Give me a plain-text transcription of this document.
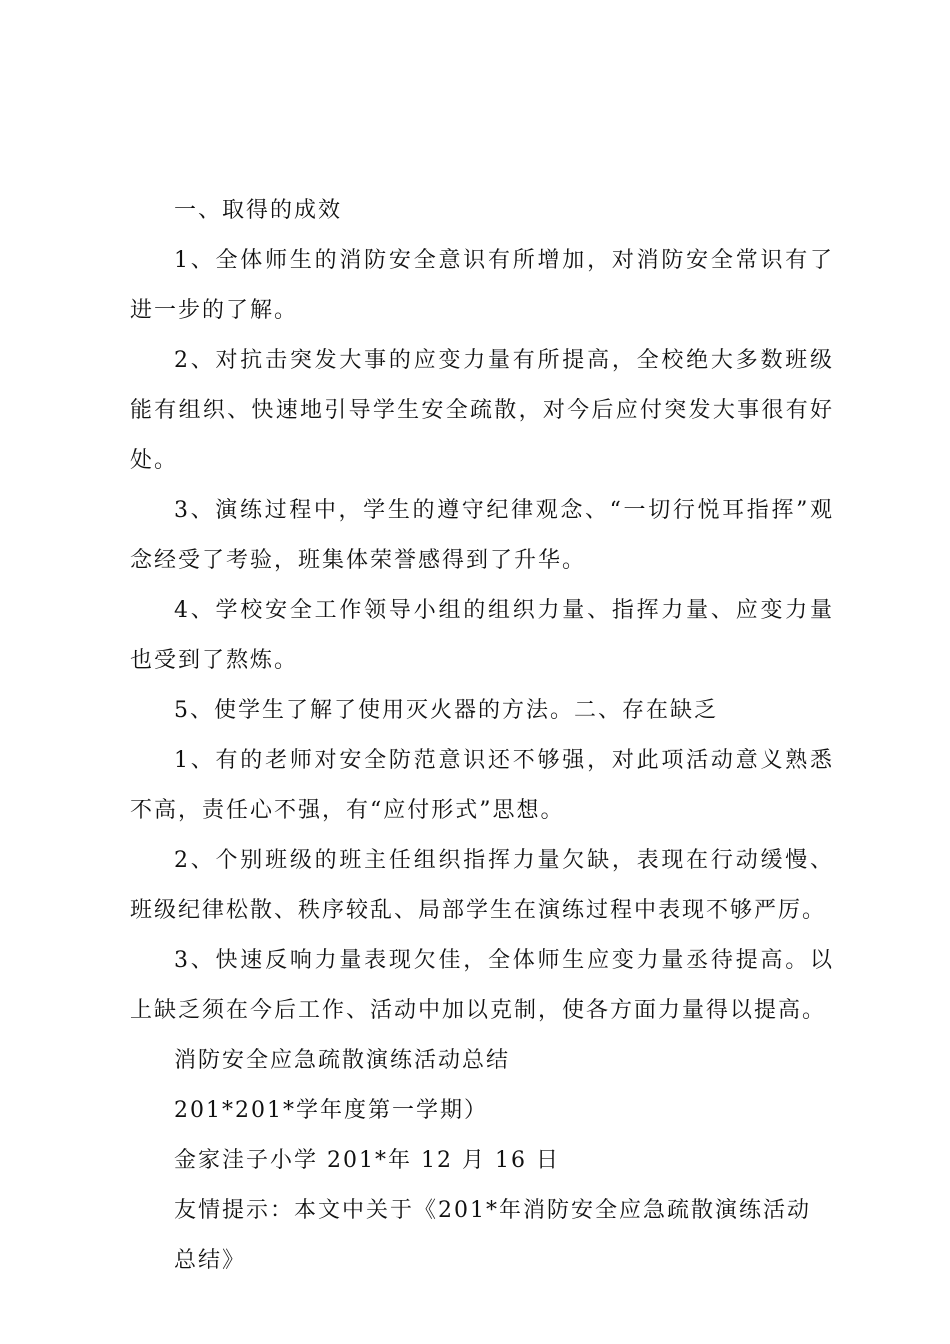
一、取得的成效

1、全体师生的消防安全意识有所增加，对消防安全常识有了进一步的了解。

2、对抗击突发大事的应变力量有所提高，全校绝大多数班级能有组织、快速地引导学生安全疏散，对今后应付突发大事很有好处。

3、演练过程中，学生的遵守纪律观念、“一切行悦耳指挥”观念经受了考验，班集体荣誉感得到了升华。

4、学校安全工作领导小组的组织力量、指挥力量、应变力量也受到了熬炼。

5、使学生了解了使用灭火器的方法。二、存在缺乏

1、有的老师对安全防范意识还不够强，对此项活动意义熟悉不高，责任心不强，有“应付形式”思想。

2、个别班级的班主任组织指挥力量欠缺，表现在行动缓慢、班级纪律松散、秩序较乱、局部学生在演练过程中表现不够严厉。

3、快速反响力量表现欠佳，全体师生应变力量丞待提高。以上缺乏须在今后工作、活动中加以克制，使各方面力量得以提高。

消防安全应急疏散演练活动总结
201*201*学年度第一学期）
金家洼子小学 201*年 12 月 16 日
友情提示：本文中关于《201*年消防安全应急疏散演练活动总结》
